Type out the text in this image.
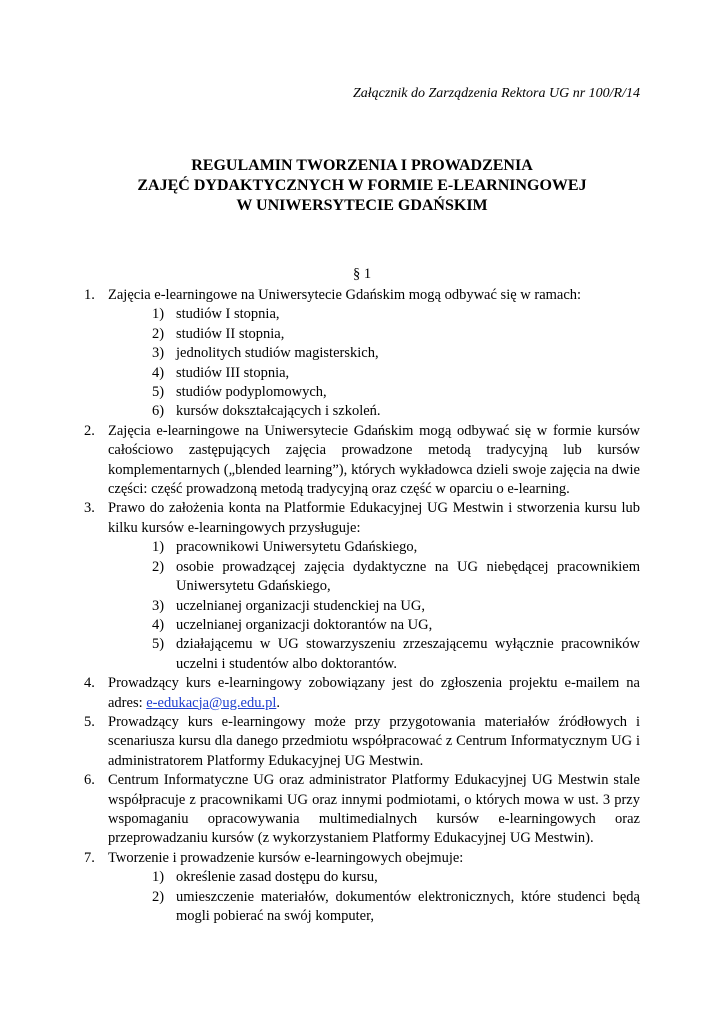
Załącznik do Zarządzenia Rektora UG nr 100/R/14
REGULAMIN TWORZENIA I PROWADZENIA
ZAJĘĆ DYDAKTYCZNYCH W FORMIE E-LEARNINGOWEJ
W UNIWERSYTECIE GDAŃSKIM
§ 1
1. Zajęcia e-learningowe na Uniwersytecie Gdańskim mogą odbywać się w ramach:
1) studiów I stopnia,
2) studiów II stopnia,
3) jednolitych studiów magisterskich,
4) studiów III stopnia,
5) studiów podyplomowych,
6) kursów dokształcających i szkoleń.
2. Zajęcia e-learningowe na Uniwersytecie Gdańskim mogą odbywać się w formie kursów całościowo zastępujących zajęcia prowadzone metodą tradycyjną lub kursów komplementarnych („blended learning”), których wykładowca dzieli swoje zajęcia na dwie części: część prowadzoną metodą tradycyjną oraz część w oparciu o e-learning.
3. Prawo do założenia konta na Platformie Edukacyjnej UG Mestwin i stworzenia kursu lub kilku kursów e-learningowych przysługuje:
1) pracownikowi Uniwersytetu Gdańskiego,
2) osobie prowadzącej zajęcia dydaktyczne na UG niebędącej pracownikiem Uniwersytetu Gdańskiego,
3) uczelnianej organizacji studenckiej na UG,
4) uczelnianej organizacji doktorantów na UG,
5) działającemu w UG stowarzyszeniu zrzeszającemu wyłącznie pracowników uczelni i studentów albo doktorantów.
4. Prowadzący kurs e-learningowy zobowiązany jest do zgłoszenia projektu e-mailem na adres: e-edukacja@ug.edu.pl.
5. Prowadzący kurs e-learningowy może przy przygotowania materiałów źródłowych i scenariusza kursu dla danego przedmiotu współpracować z Centrum Informatycznym UG i administratorem Platformy Edukacyjnej UG Mestwin.
6. Centrum Informatyczne UG oraz administrator Platformy Edukacyjnej UG Mestwin stale współpracuje z pracownikami UG oraz innymi podmiotami, o których mowa w ust. 3 przy wspomaganiu opracowywania multimedialnych kursów e-learningowych oraz przeprowadzaniu kursów (z wykorzystaniem Platformy Edukacyjnej UG Mestwin).
7. Tworzenie i prowadzenie kursów e-learningowych obejmuje:
1) określenie zasad dostępu do kursu,
2) umieszczenie materiałów, dokumentów elektronicznych, które studenci będą mogli pobierać na swój komputer,
